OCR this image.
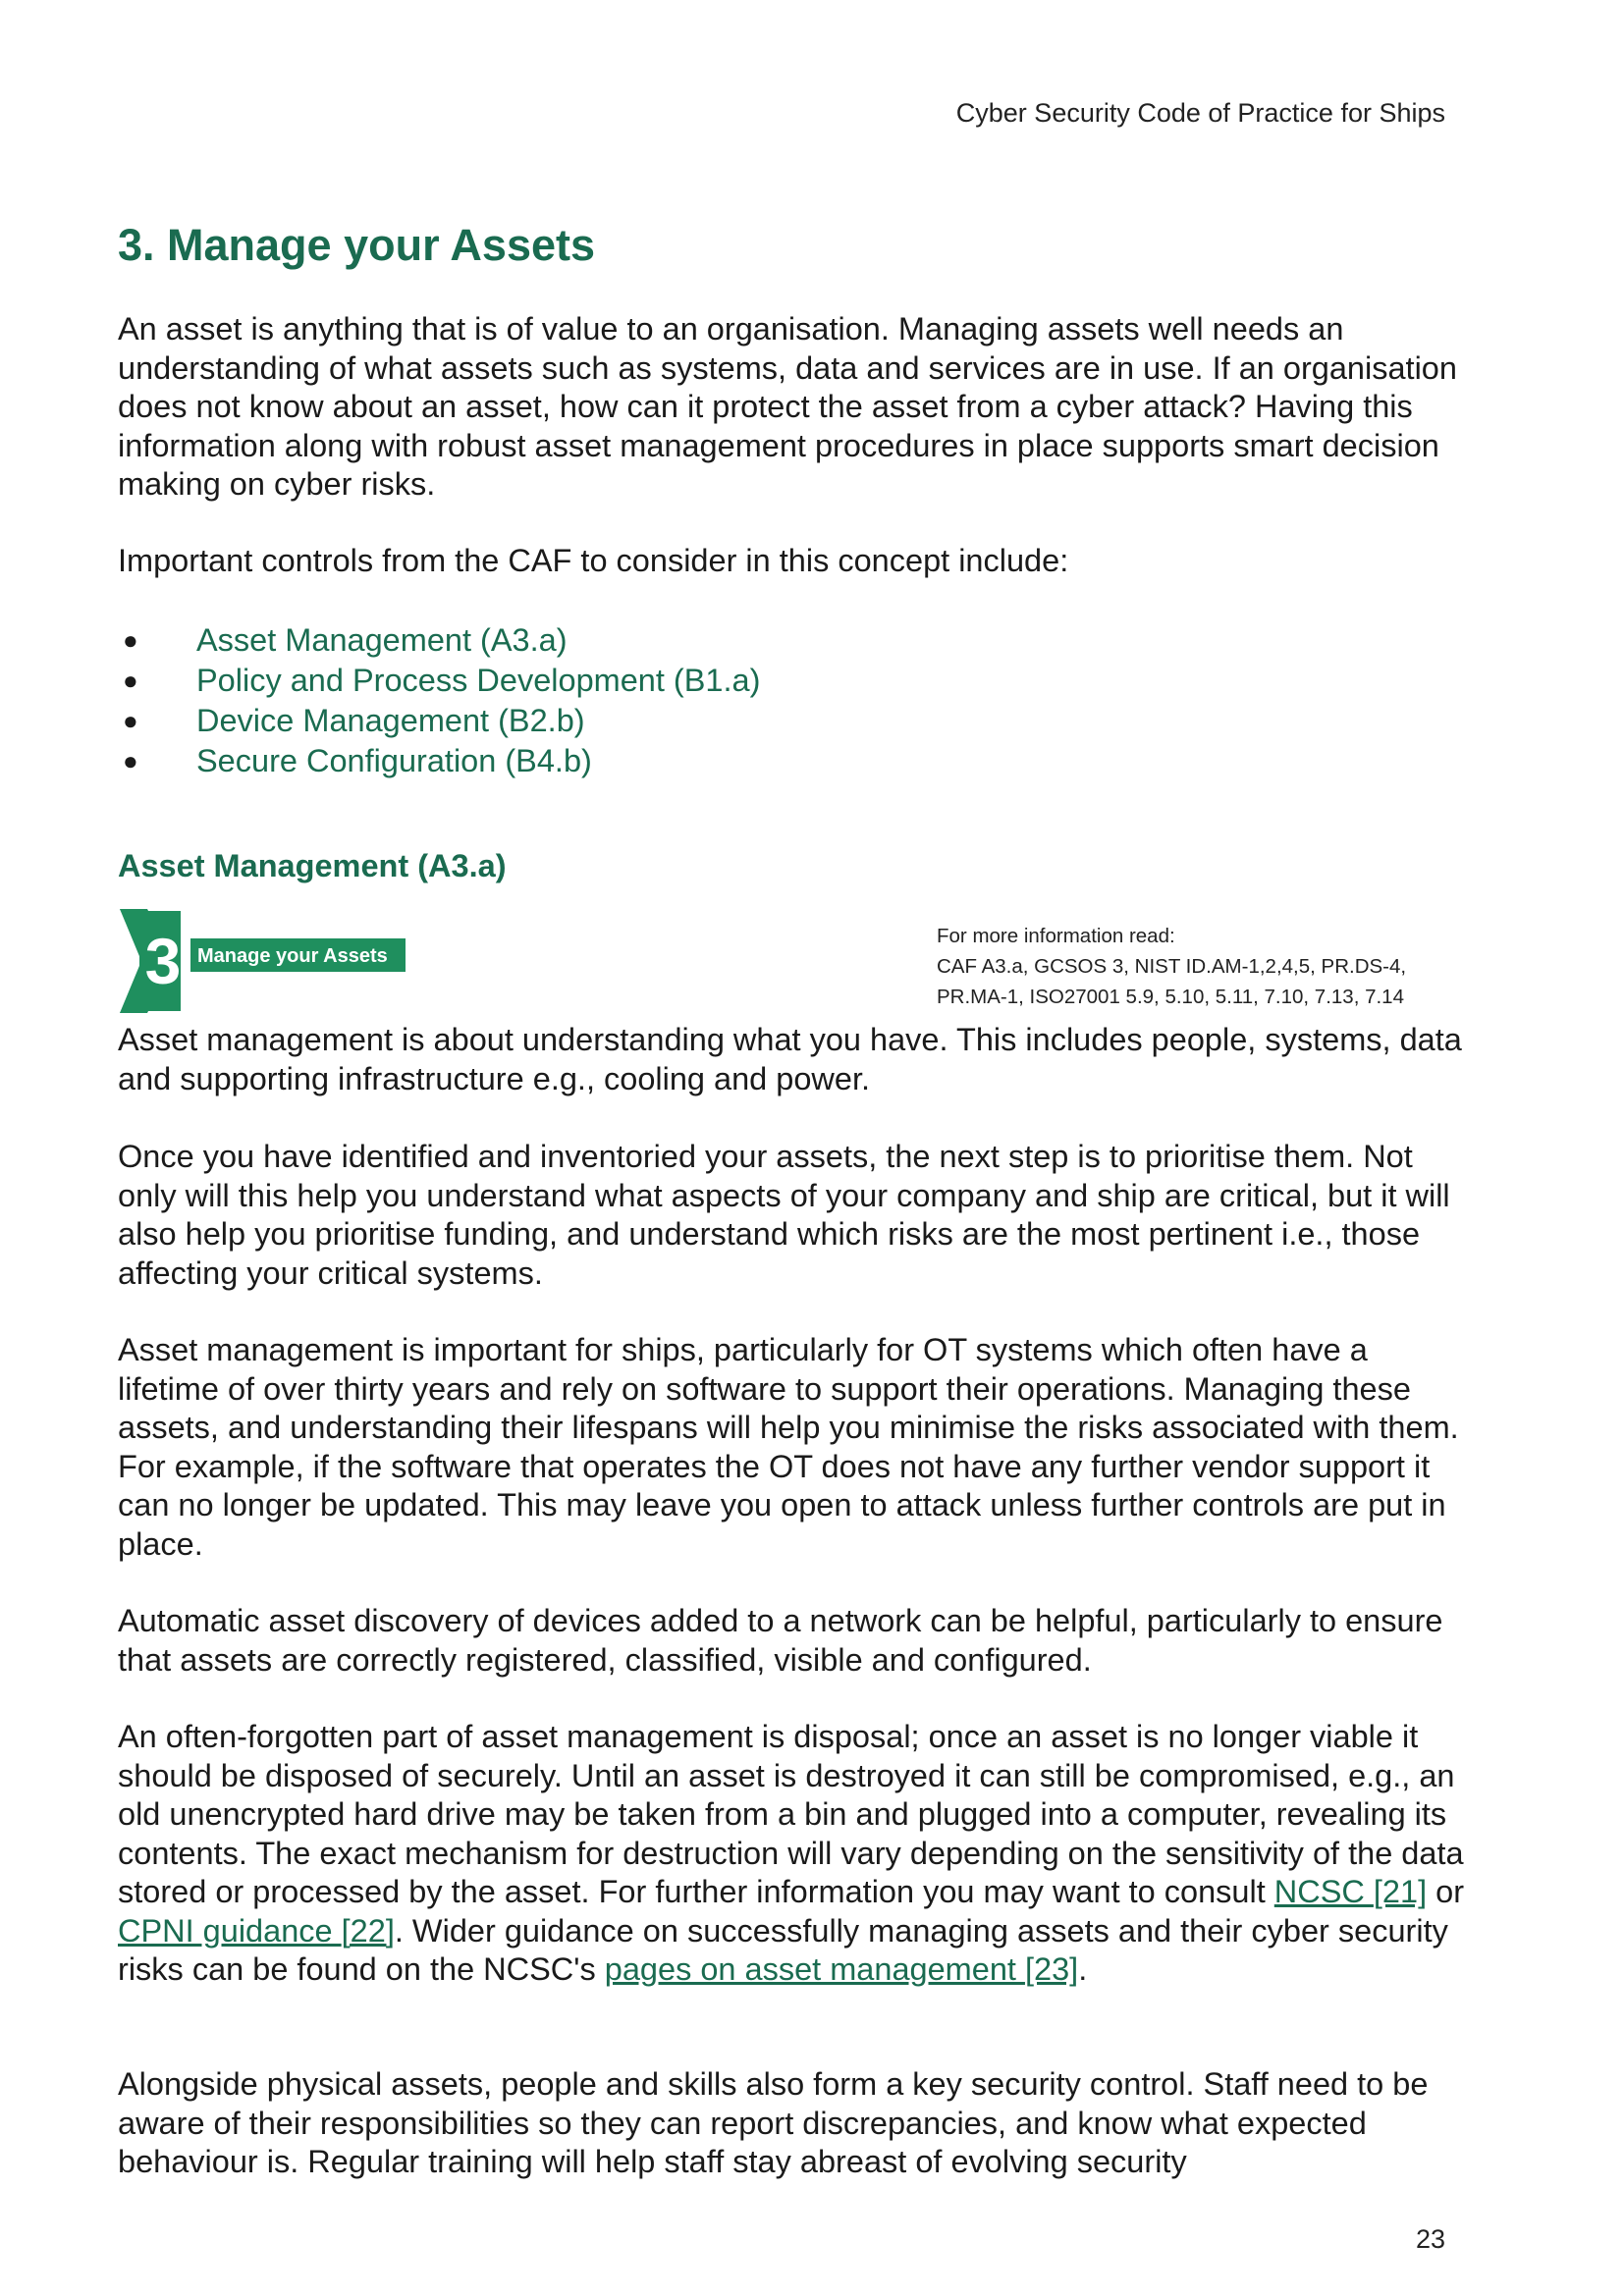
Cyber Security Code of Practice for Ships
3. Manage your Assets

An asset is anything that is of value to an organisation. Managing assets well needs an understanding of what assets such as systems, data and services are in use. If an organisation does not know about an asset, how can it protect the asset from a cyber attack? Having this information along with robust asset management procedures in place supports smart decision making on cyber risks.

Important controls from the CAF to consider in this concept include:

● Asset Management (A3.a)
● Policy and Process Development (B1.a)
● Device Management (B2.b)
● Secure Configuration (B4.b)
Asset Management (A3.a)
3 Manage your Assets
For more information read:
CAF A3.a, GCSOS 3, NIST ID.AM-1,2,4,5, PR.DS-4,
PR.MA-1, ISO27001 5.9, 5.10, 5.11, 7.10, 7.13, 7.14

Asset management is about understanding what you have. This includes people, systems, data and supporting infrastructure e.g., cooling and power.

Once you have identified and inventoried your assets, the next step is to prioritise them. Not only will this help you understand what aspects of your company and ship are critical, but it will also help you prioritise funding, and understand which risks are the most pertinent i.e., those affecting your critical systems.

Asset management is important for ships, particularly for OT systems which often have a lifetime of over thirty years and rely on software to support their operations. Managing these assets, and understanding their lifespans will help you minimise the risks associated with them. For example, if the software that operates the OT does not have any further vendor support it can no longer be updated. This may leave you open to attack unless further controls are put in place.

Automatic asset discovery of devices added to a network can be helpful, particularly to ensure that assets are correctly registered, classified, visible and configured.

An often-forgotten part of asset management is disposal; once an asset is no longer viable it should be disposed of securely. Until an asset is destroyed it can still be compromised, e.g., an old unencrypted hard drive may be taken from a bin and plugged into a computer, revealing its contents. The exact mechanism for destruction will vary depending on the sensitivity of the data stored or processed by the asset. For further information you may want to consult NCSC [21] or CPNI guidance [22]. Wider guidance on successfully managing assets and their cyber security risks can be found on the NCSC's pages on asset management [23].

Alongside physical assets, people and skills also form a key security control. Staff need to be aware of their responsibilities so they can report discrepancies, and know what expected behaviour is. Regular training will help staff stay abreast of evolving security

23
